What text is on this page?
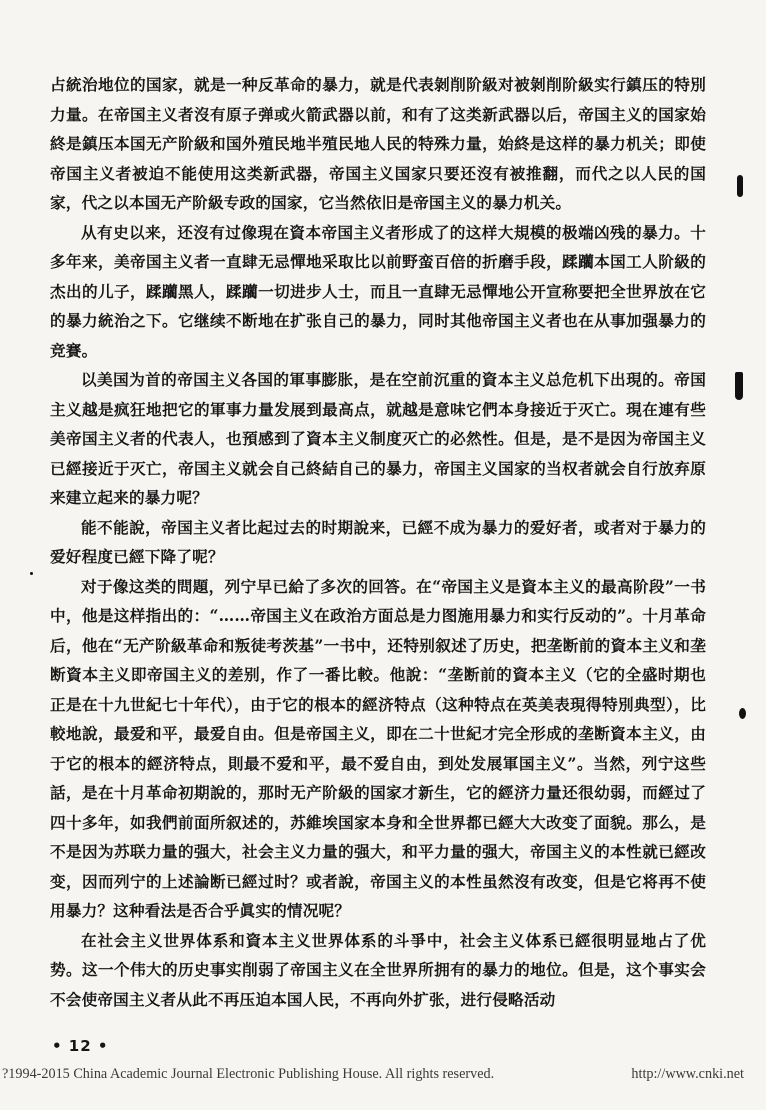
占統治地位的国家，就是一种反革命的暴力，就是代表剝削阶級对被剝削阶級实行鎮压的特別力量。在帝国主义者沒有原子弹或火箭武器以前，和有了这类新武器以后，帝国主义的国家始終是鎮压本国无产阶級和国外殖民地半殖民地人民的特殊力量，始終是这样的暴力机关；即使帝国主义者被迫不能使用这类新武器，帝国主义国家只要还沒有被推翻，而代之以人民的国家，代之以本国无产阶級专政的国家，它当然依旧是帝国主义的暴力机关。

从有史以来，还沒有过像現在資本帝国主义者形成了的这样大規模的极端凶残的暴力。十多年来，美帝国主义者一直肆无忌憚地采取比以前野蛮百倍的折磨手段，蹂躪本国工人阶級的杰出的儿子，蹂躪黑人，蹂躪一切进步人士，而且一直肆无忌憚地公开宣称要把全世界放在它的暴力統治之下。它继续不断地在扩张自己的暴力，同时其他帝国主义者也在从事加强暴力的竞賽。

以美国为首的帝国主义各国的軍事膨胀，是在空前沉重的資本主义总危机下出現的。帝国主义越是疯狂地把它的軍事力量发展到最高点，就越是意味它們本身接近于灭亡。現在連有些美帝国主义者的代表人，也預感到了資本主义制度灭亡的必然性。但是，是不是因为帝国主义已經接近于灭亡，帝国主义就会自己終結自己的暴力，帝国主义国家的当权者就会自行放弃原来建立起来的暴力呢？

能不能說，帝国主义者比起过去的时期說来，已經不成为暴力的爱好者，或者对于暴力的爱好程度已經下降了呢？

对于像这类的問題，列宁早已給了多次的回答。在“帝国主义是資本主义的最高阶段”一书中，他是这样指出的：“……帝国主义在政治方面总是力图施用暴力和实行反动的”。十月革命后，他在“无产阶級革命和叛徒考茨基”一书中，还特别叙述了历史，把垄断前的資本主义和垄断資本主义即帝国主义的差别，作了一番比較。他說：“垄断前的資本主义（它的全盛时期也正是在十九世紀七十年代），由于它的根本的經济特点（这种特点在英美表現得特別典型），比較地說，最爱和平，最爱自由。但是帝国主义，即在二十世紀才完全形成的垄断資本主义，由于它的根本的經济特点，則最不爱和平，最不爱自由，到处发展軍国主义”。当然，列宁这些話，是在十月革命初期說的，那时无产阶級的国家才新生，它的經济力量还很幼弱，而經过了四十多年，如我們前面所叙述的，苏維埃国家本身和全世界都已經大大改变了面貌。那么，是不是因为苏联力量的强大，社会主义力量的强大，和平力量的强大，帝国主义的本性就已經改变，因而列宁的上述論断已經过时？或者說，帝国主义的本性虽然沒有改变，但是它将再不使用暴力？这种看法是否合乎眞实的情况呢？

在社会主义世界体系和資本主义世界体系的斗爭中，社会主义体系已經很明显地占了优势。这一个伟大的历史事实削弱了帝国主义在全世界所拥有的暴力的地位。但是，这个事实会不会使帝国主义者从此不再压迫本国人民，不再向外扩张，进行侵略活动

• 12 •
?1994-2015 China Academic Journal Electronic Publishing House. All rights reserved.	http://www.cnki.net
